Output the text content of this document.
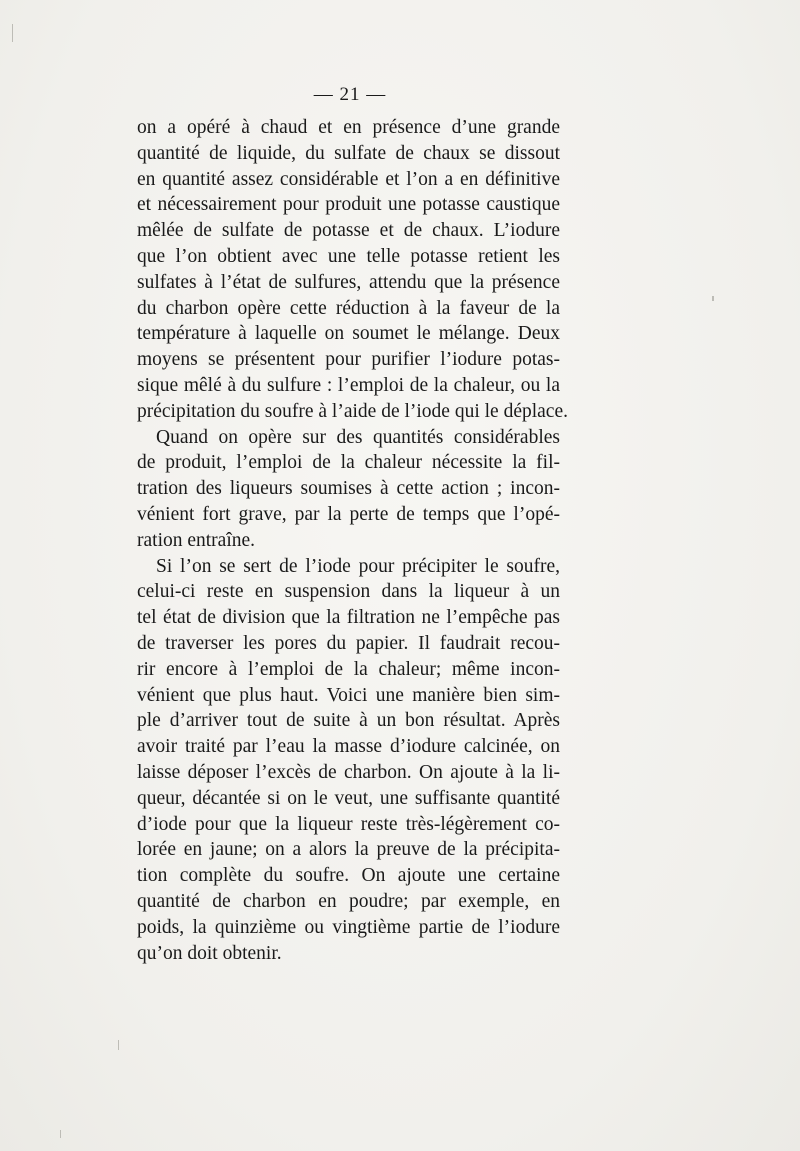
— 21 —
on a opéré à chaud et en présence d’une grande
quantité de liquide, du sulfate de chaux se dissout
en quantité assez considérable et l’on a en définitive
et nécessairement pour produit une potasse caustique
mêlée de sulfate de potasse et de chaux. L’iodure
que l’on obtient avec une telle potasse retient les
sulfates à l’état de sulfures, attendu que la présence
du charbon opère cette réduction à la faveur de la
température à laquelle on soumet le mélange. Deux
moyens se présentent pour purifier l’iodure potas-
sique mêlé à du sulfure : l’emploi de la chaleur, ou la
précipitation du soufre à l’aide de l’iode qui le déplace.
Quand on opère sur des quantités considérables
de produit, l’emploi de la chaleur nécessite la fil-
tration des liqueurs soumises à cette action ; incon-
vénient fort grave, par la perte de temps que l’opé-
ration entraîne.
Si l’on se sert de l’iode pour précipiter le soufre,
celui-ci reste en suspension dans la liqueur à un
tel état de division que la filtration ne l’empêche pas
de traverser les pores du papier. Il faudrait recou-
rir encore à l’emploi de la chaleur; même incon-
vénient que plus haut. Voici une manière bien sim-
ple d’arriver tout de suite à un bon résultat. Après
avoir traité par l’eau la masse d’iodure calcinée, on
laisse déposer l’excès de charbon. On ajoute à la li-
queur, décantée si on le veut, une suffisante quantité
d’iode pour que la liqueur reste très-légèrement co-
lorée en jaune; on a alors la preuve de la précipita-
tion complète du soufre. On ajoute une certaine
quantité de charbon en poudre; par exemple, en
poids, la quinzième ou vingtième partie de l’iodure
qu’on doit obtenir.
